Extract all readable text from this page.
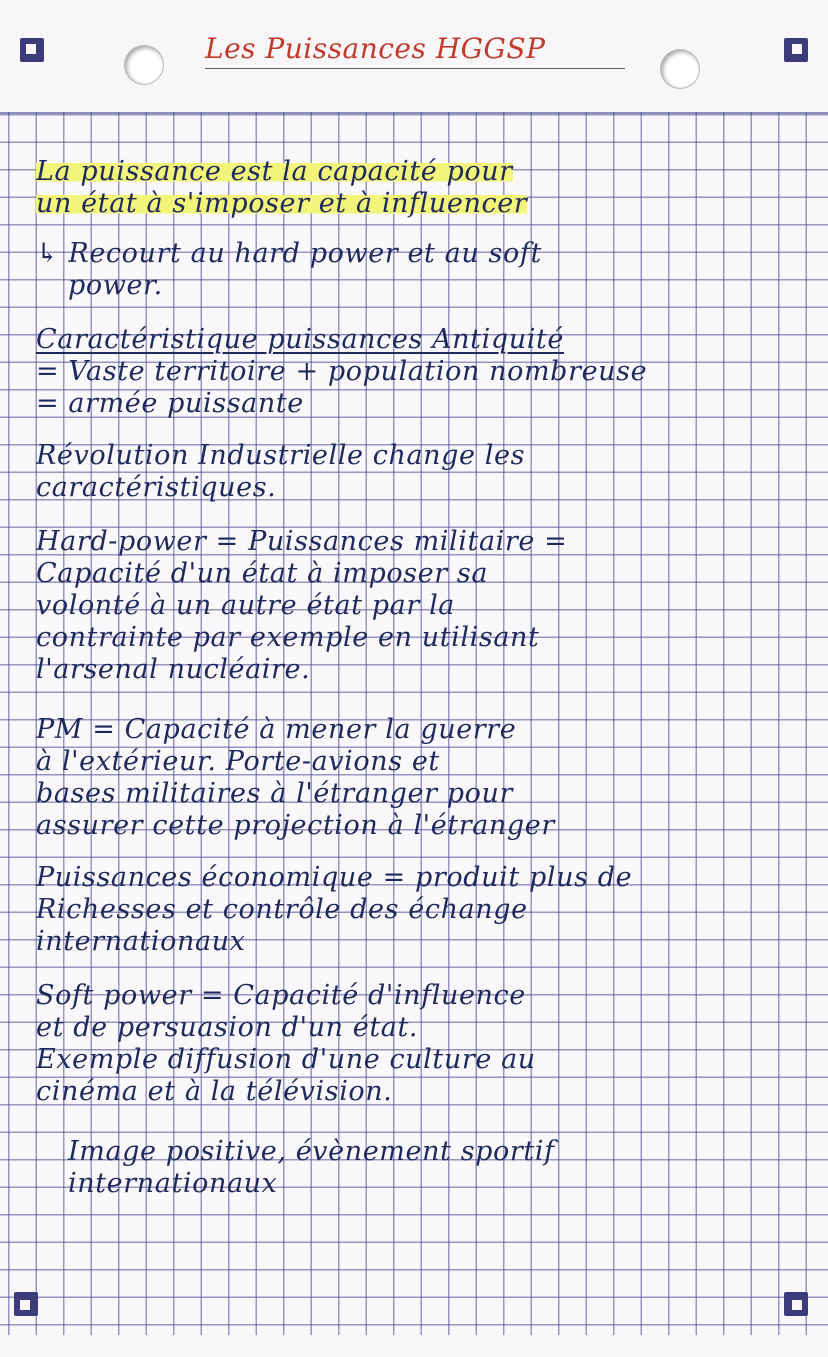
Les Puissances HGGSP
La puissance est la capacité pour
un état à s'imposer et à influencer
↳ Recourt au hard power et au soft
power.
Caractéristique puissances Antiquité
= Vaste territoire + population nombreuse
= armée puissante
Révolution Industrielle change les
caractéristiques.
Hard-power = Puissances militaire =
Capacité d'un état à imposer sa
volonté à un autre état par la
contrainte par exemple en utilisant
l'arsenal nucléaire.
PM = Capacité à mener la guerre
à l'extérieur. Porte-avions et
bases militaires à l'étranger pour
assurer cette projection à l'étranger
Puissances économique = produit plus de
Richesses et contrôle des échange
internationaux
Soft power = Capacité d'influence
et de persuasion d'un état.
Exemple diffusion d'une culture au
cinéma et à la télévision.
Image positive, évènement sportif
internationaux
